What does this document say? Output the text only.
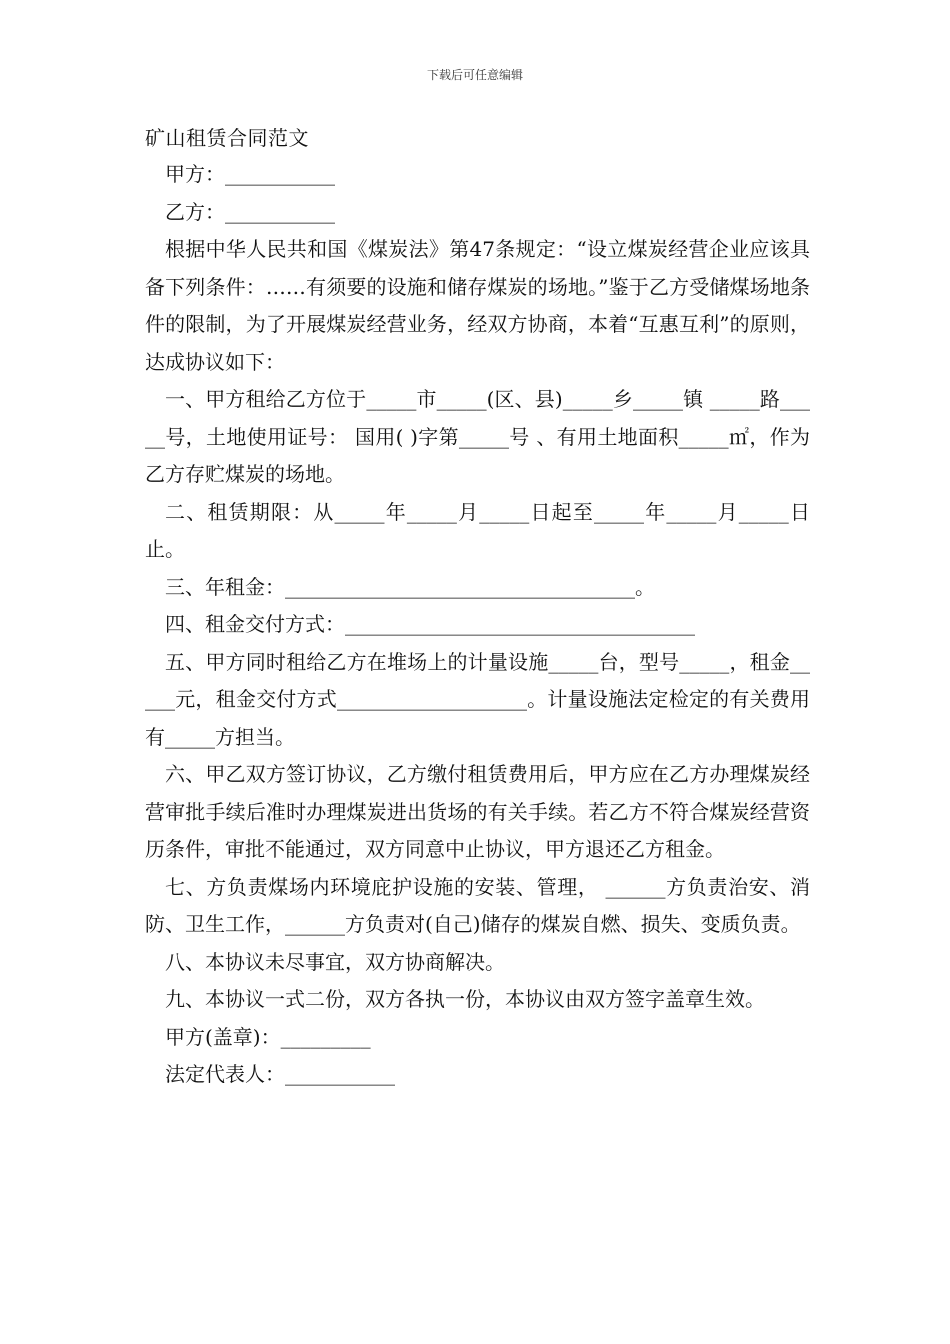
下载后可任意编辑
矿山租赁合同范文

甲方：___________

乙方：___________

根据中华人民共和国《煤炭法》第47条规定：“设立煤炭经营企业应该具备下列条件：……有须要的设施和储存煤炭的场地。”鉴于乙方受储煤场地条件的限制，为了开展煤炭经营业务，经双方协商，本着“互惠互利”的原则，达成协议如下：

一、甲方租给乙方位于_____市_____(区、县)_____乡_____镇 _____路_____号，土地使用证号： 国用( )字第_____号 、有用土地面积_____㎡，作为乙方存贮煤炭的场地。

二、租赁期限：从_____年_____月_____日起至_____年_____月_____日止。

三、年租金：___________________________________。

四、租金交付方式：___________________________________

五、甲方同时租给乙方在堆场上的计量设施_____台，型号_____，租金_____元，租金交付方式___________________。计量设施法定检定的有关费用有_____方担当。

六、甲乙双方签订协议，乙方缴付租赁费用后，甲方应在乙方办理煤炭经营审批手续后准时办理煤炭进出货场的有关手续。若乙方不符合煤炭经营资历条件，审批不能通过，双方同意中止协议，甲方退还乙方租金。

七、方负责煤场内环境庇护设施的安装、管理， ______方负责治安、消防、卫生工作，______方负责对(自己)储存的煤炭自燃、损失、变质负责。

八、本协议未尽事宜，双方协商解决。

九、本协议一式二份，双方各执一份，本协议由双方签字盖章生效。

甲方(盖章)：_________

法定代表人：___________
